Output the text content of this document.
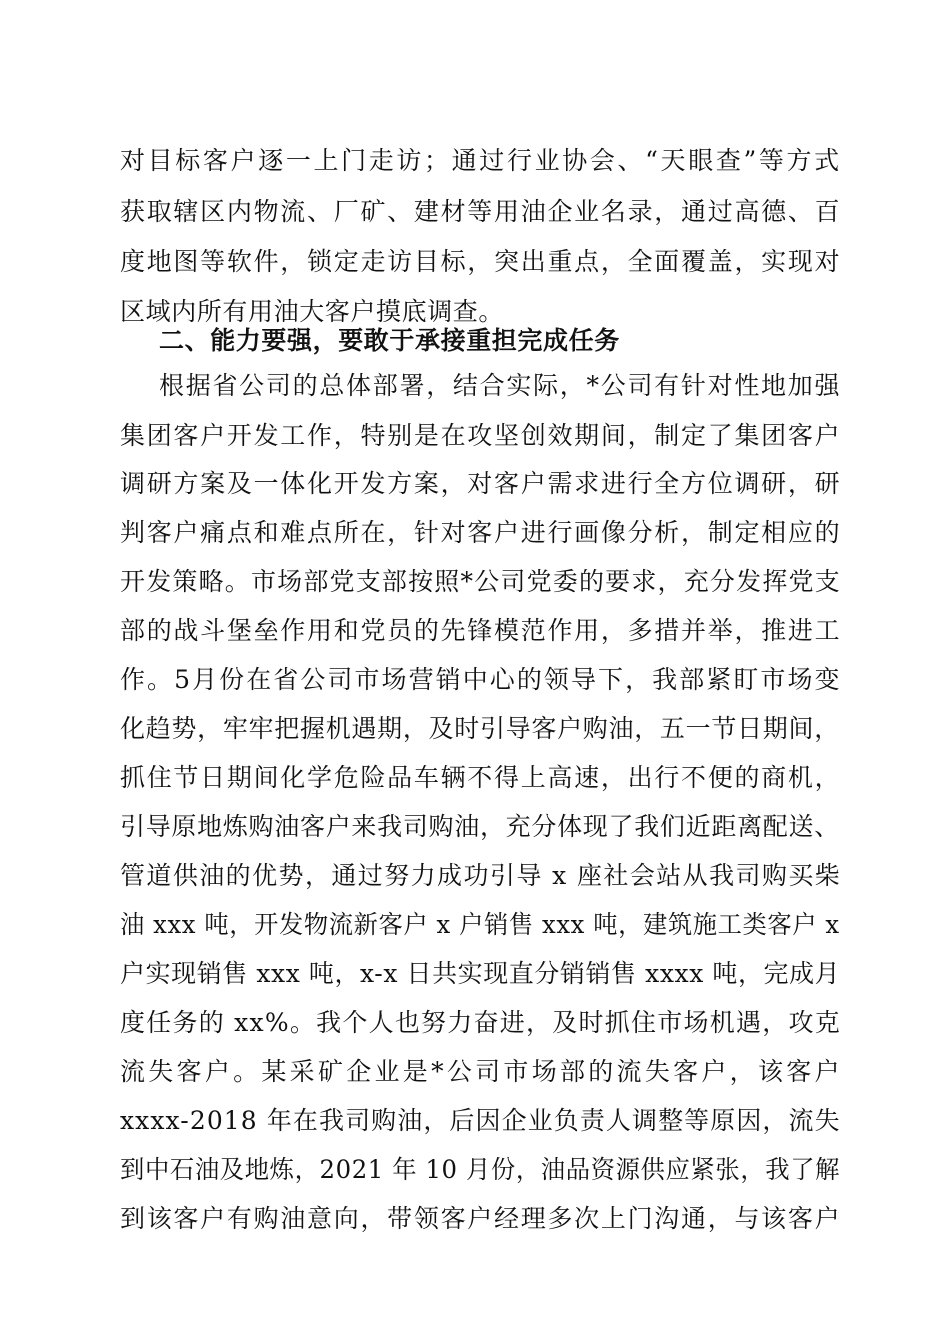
对目标客户逐一上门走访；通过行业协会、“天眼查”等方式
获取辖区内物流、厂矿、建材等用油企业名录，通过高德、百
度地图等软件，锁定走访目标，突出重点，全面覆盖，实现对
区域内所有用油大客户摸底调查。
二、能力要强，要敢于承接重担完成任务
根据省公司的总体部署，结合实际，*公司有针对性地加强
集团客户开发工作，特别是在攻坚创效期间，制定了集团客户
调研方案及一体化开发方案，对客户需求进行全方位调研，研
判客户痛点和难点所在，针对客户进行画像分析，制定相应的
开发策略。市场部党支部按照*公司党委的要求，充分发挥党支
部的战斗堡垒作用和党员的先锋模范作用，多措并举，推进工
作。5月份在省公司市场营销中心的领导下，我部紧盯市场变
化趋势，牢牢把握机遇期，及时引导客户购油，五一节日期间，
抓住节日期间化学危险品车辆不得上高速，出行不便的商机，
引导原地炼购油客户来我司购油，充分体现了我们近距离配送、
管道供油的优势，通过努力成功引导 x 座社会站从我司购买柴
油 xxx 吨，开发物流新客户 x 户销售 xxx 吨，建筑施工类客户 x
户实现销售 xxx 吨，x-x 日共实现直分销销售 xxxx 吨，完成月
度任务的 xx%。我个人也努力奋进，及时抓住市场机遇，攻克
流失客户。某采矿企业是*公司市场部的流失客户，该客户
xxxx-2018 年在我司购油，后因企业负责人调整等原因，流失
到中石油及地炼，2021 年 10 月份，油品资源供应紧张，我了解
到该客户有购油意向，带领客户经理多次上门沟通，与该客户
